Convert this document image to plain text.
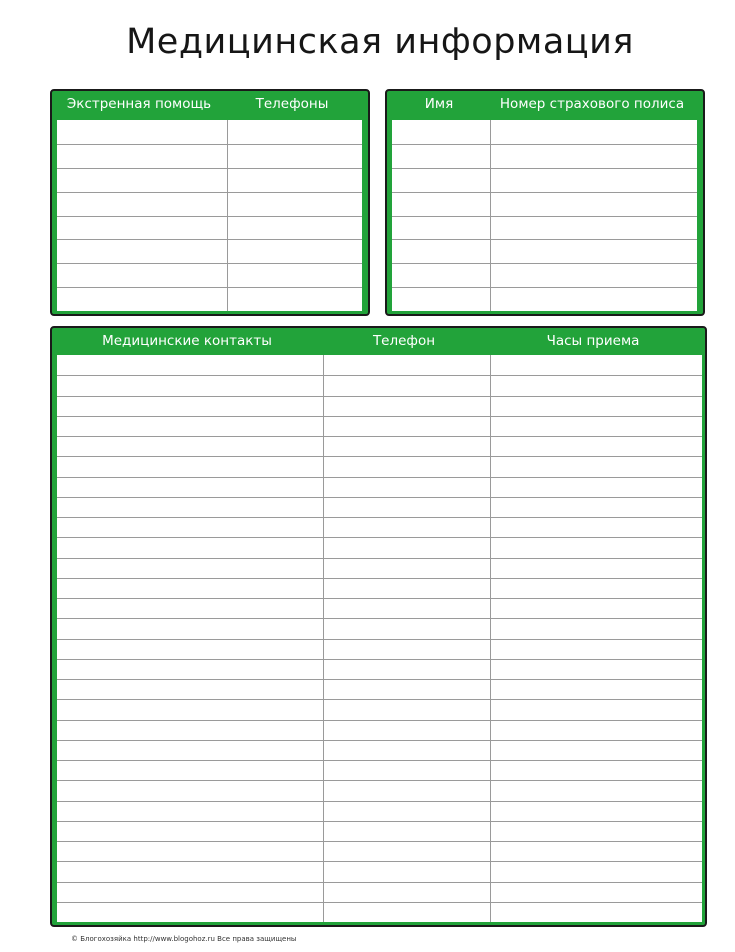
Медицинская информация
Экстренная помощь	Телефоны	Имя	Номер страхового полиса
Медицинские контакты	Телефон	Часы приема
© Блогохозяйка http://www.blogohoz.ru Все права защищены
